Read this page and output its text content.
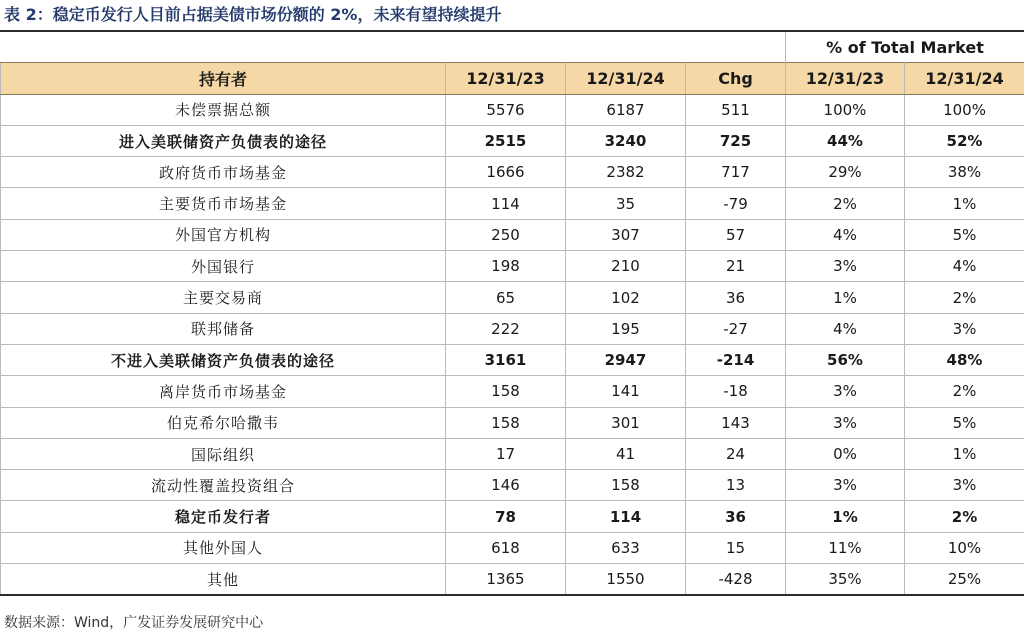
表 2：稳定币发行人目前占据美债市场份额的 2%，未来有望持续提升
				% of Total Market	
持有者	12/31/23	12/31/24	Chg	12/31/23	12/31/24
未偿票据总额	5576	6187	511	100%	100%
进入美联储资产负债表的途径	2515	3240	725	44%	52%
政府货币市场基金	1666	2382	717	29%	38%
主要货币市场基金	114	35	-79	2%	1%
外国官方机构	250	307	57	4%	5%
外国银行	198	210	21	3%	4%
主要交易商	65	102	36	1%	2%
联邦储备	222	195	-27	4%	3%
不进入美联储资产负债表的途径	3161	2947	-214	56%	48%
离岸货币市场基金	158	141	-18	3%	2%
伯克希尔哈撒韦	158	301	143	3%	5%
国际组织	17	41	24	0%	1%
流动性覆盖投资组合	146	158	13	3%	3%
稳定币发行者	78	114	36	1%	2%
其他外国人	618	633	15	11%	10%
其他	1365	1550	-428	35%	25%
数据来源：Wind，广发证券发展研究中心
